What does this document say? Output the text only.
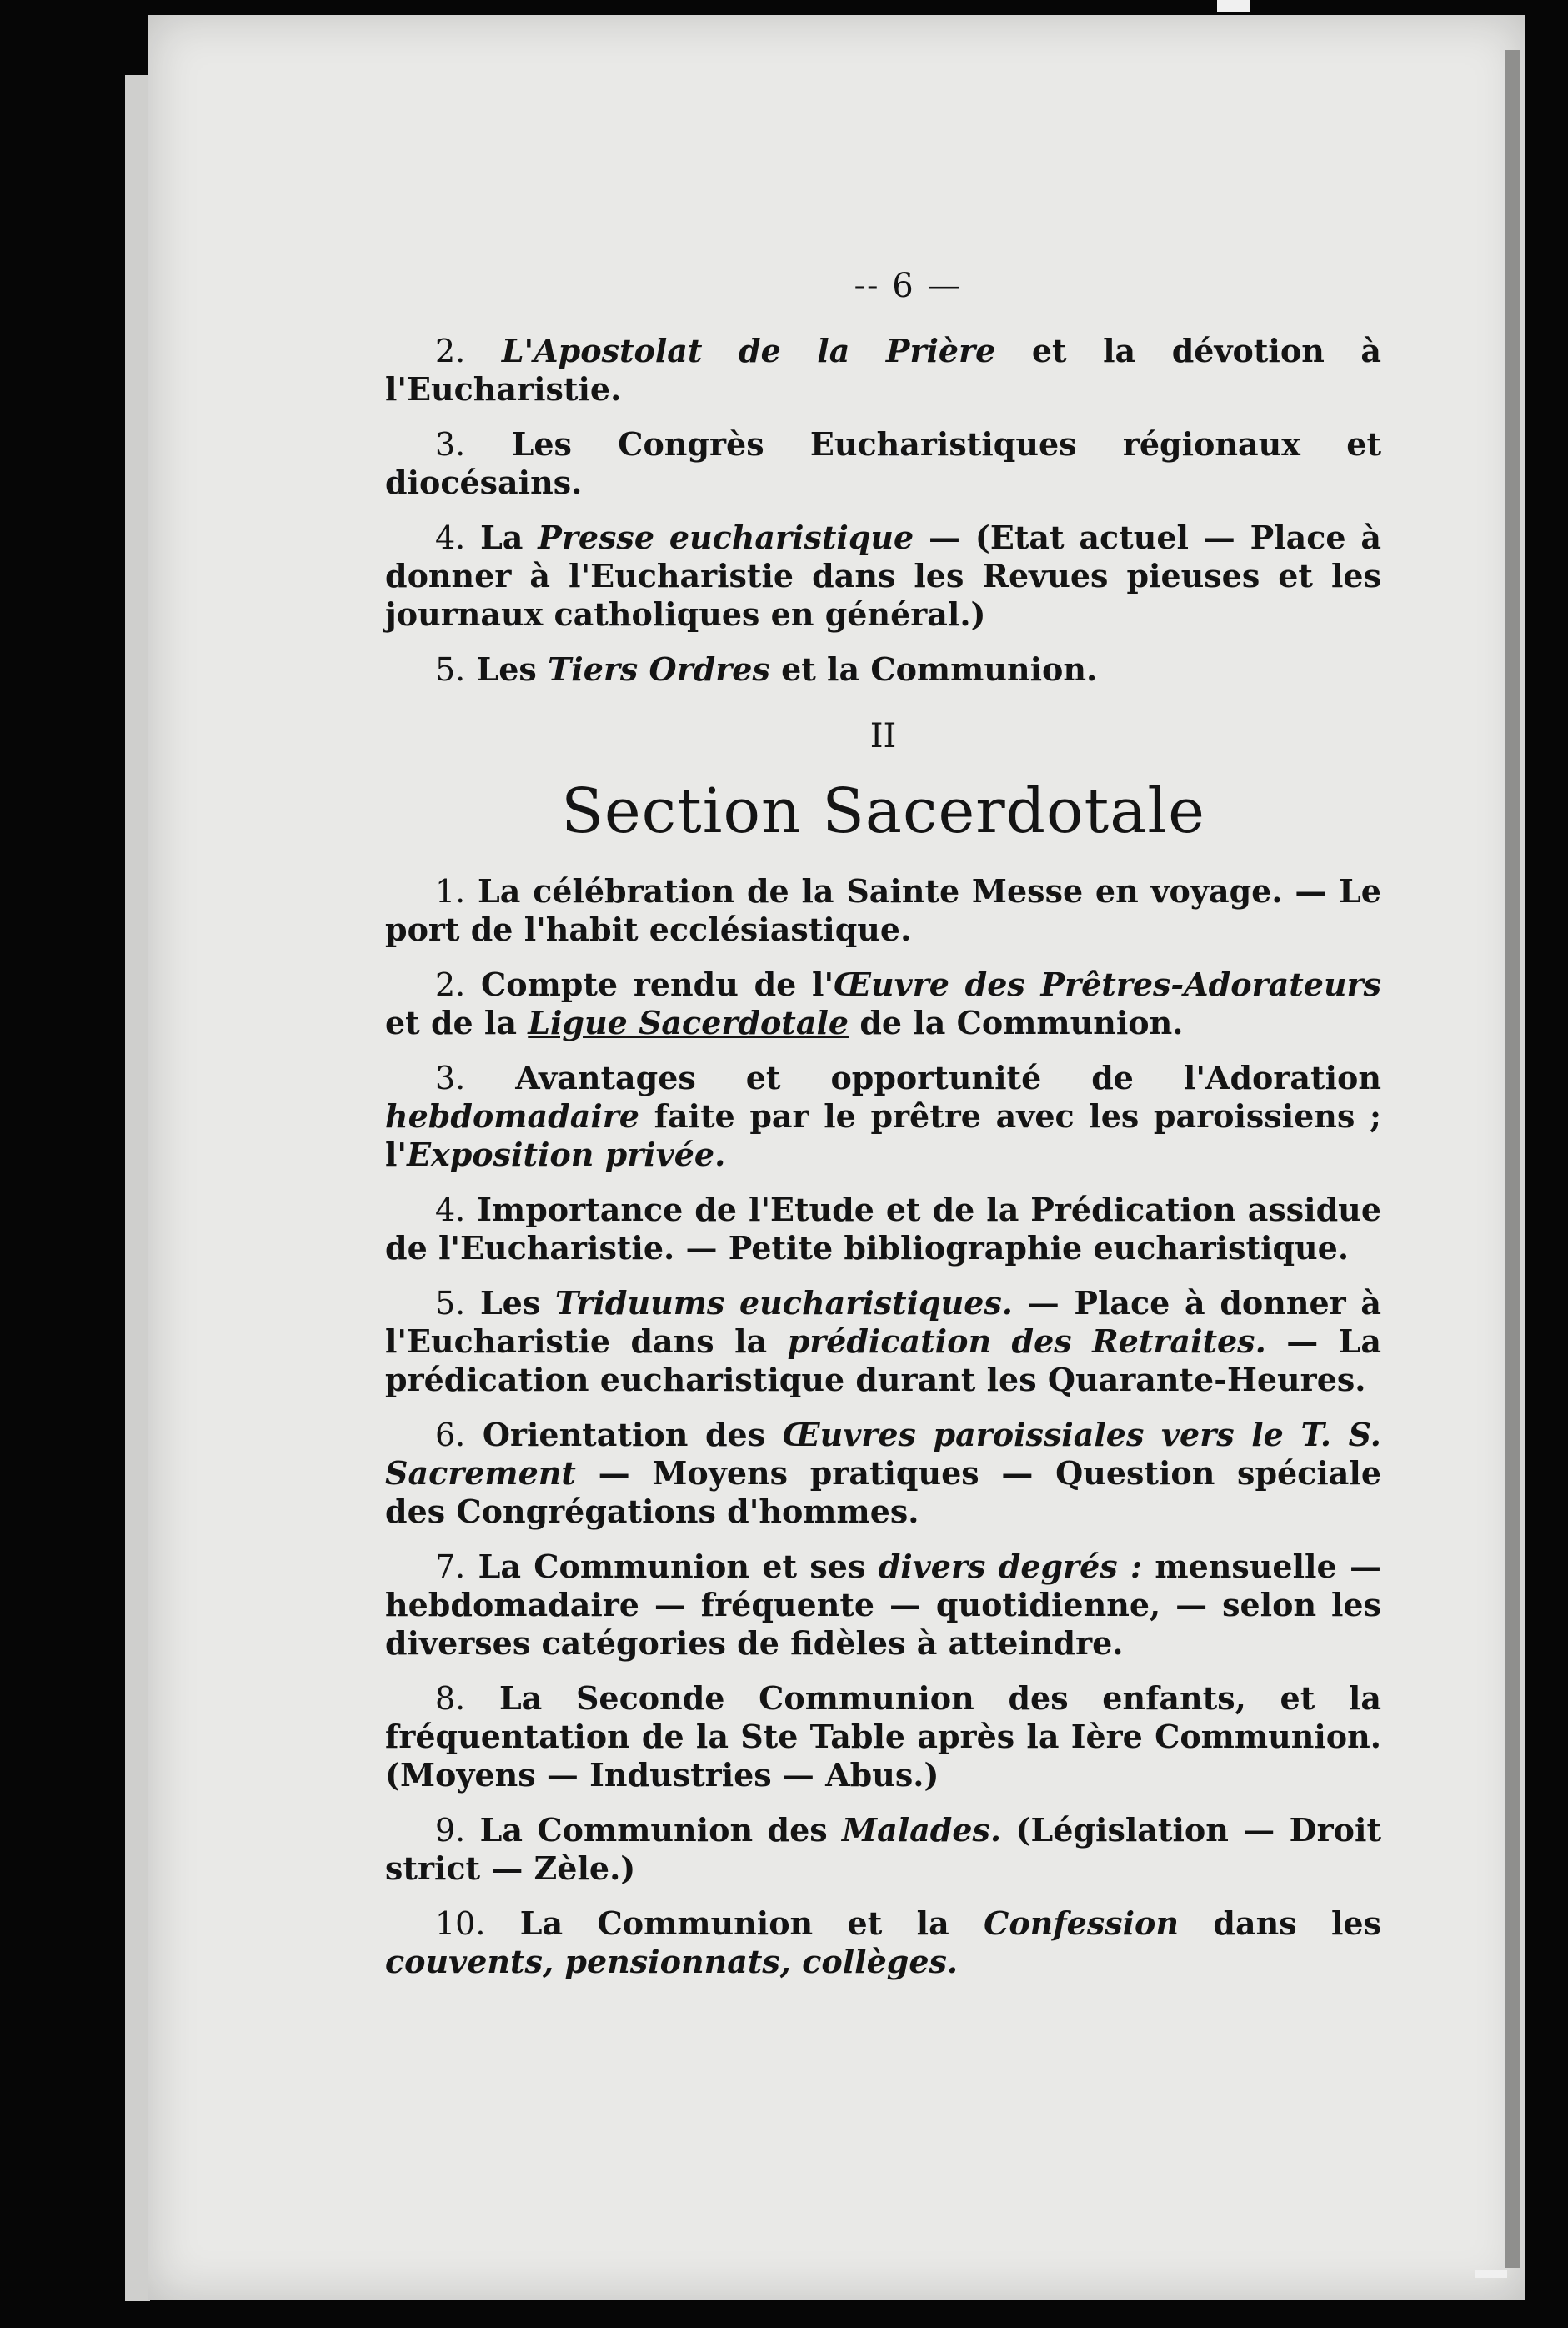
-- 6 —

2. L'Apostolat de la Prière et la dévotion à l'Eucharistie.

3. Les Congrès Eucharistiques régionaux et diocésains.

4. La Presse eucharistique — (Etat actuel — Place à donner à l'Eucharistie dans les Revues pieuses et les journaux catholiques en général.)

5. Les Tiers Ordres et la Communion.

II
Section Sacerdotale

1. La célébration de la Sainte Messe en voyage. — Le port de l'habit ecclésiastique.

2. Compte rendu de l'Œuvre des Prêtres-Adorateurs et de la Ligue Sacerdotale de la Communion.

3. Avantages et opportunité de l'Adoration hebdomadaire faite par le prêtre avec les paroissiens ; l'Exposition privée.

4. Importance de l'Etude et de la Prédication assidue de l'Eucharistie. — Petite bibliographie eucharistique.

5. Les Triduums eucharistiques. — Place à donner à l'Eucharistie dans la prédication des Retraites. — La prédication eucharistique durant les Quarante-Heures.

6. Orientation des Œuvres paroissiales vers le T. S. Sacrement — Moyens pratiques — Question spéciale des Congrégations d'hommes.

7. La Communion et ses divers degrés : mensuelle — hebdomadaire — fréquente — quotidienne, — selon les diverses catégories de fidèles à atteindre.

8. La Seconde Communion des enfants, et la fréquentation de la Ste Table après la Ière Communion. (Moyens — Industries — Abus.)

9. La Communion des Malades. (Législation — Droit strict — Zèle.)

10. La Communion et la Confession dans les couvents, pensionnats, collèges.
